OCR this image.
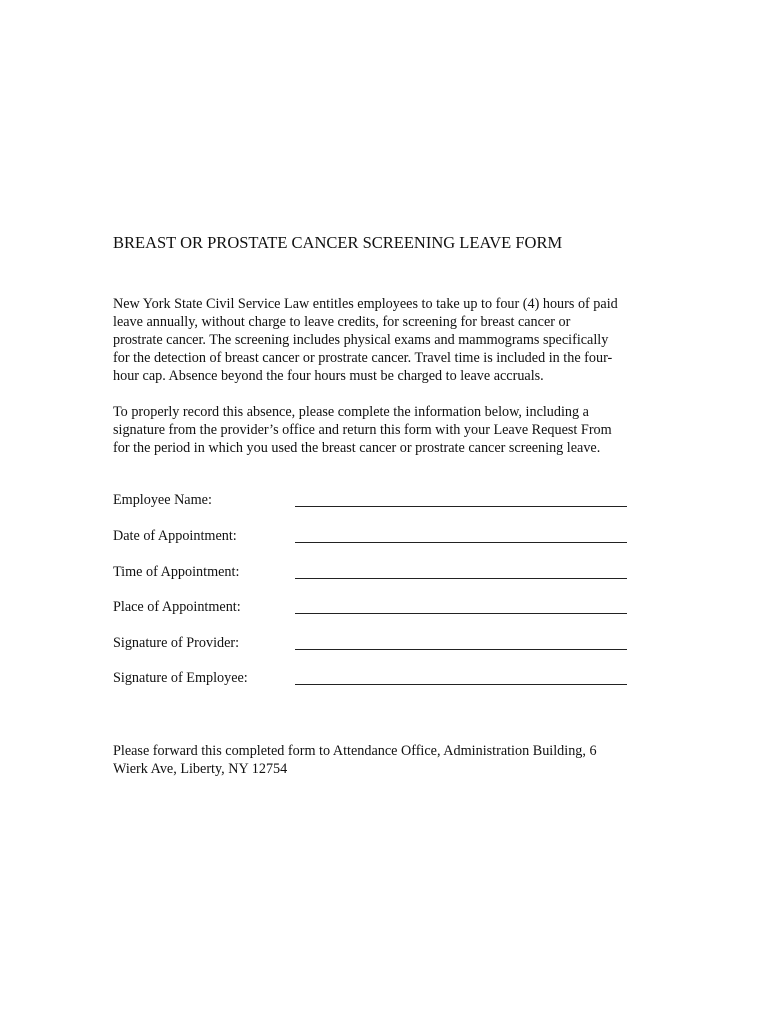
BREAST OR PROSTATE CANCER SCREENING LEAVE FORM
New York State Civil Service Law entitles employees to take up to four (4) hours of paid
leave annually, without charge to leave credits, for screening for breast cancer or
prostrate cancer. The screening includes physical exams and mammograms specifically
for the detection of breast cancer or prostrate cancer. Travel time is included in the four-
hour cap. Absence beyond the four hours must be charged to leave accruals.
To properly record this absence, please complete the information below, including a
signature from the provider’s office and return this form with your Leave Request From
for the period in which you used the breast cancer or prostrate cancer screening leave.
Employee Name:
Date of Appointment:
Time of Appointment:
Place of Appointment:
Signature of Provider:
Signature of Employee:
Please forward this completed form to Attendance Office, Administration Building, 6
Wierk Ave, Liberty, NY 12754
